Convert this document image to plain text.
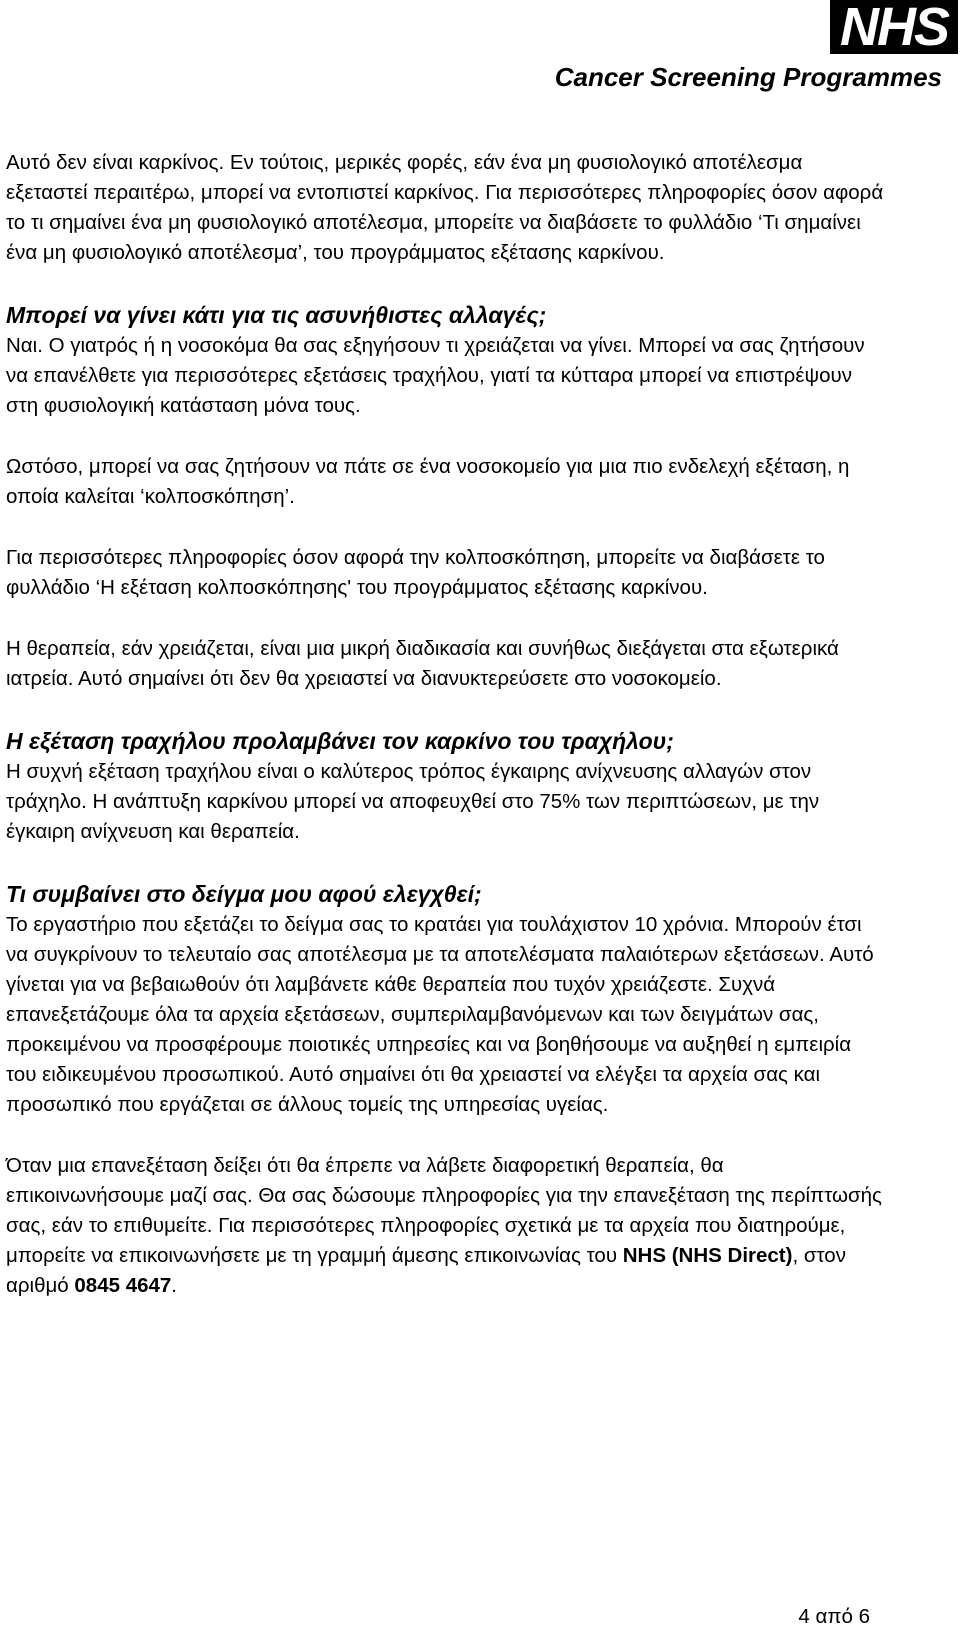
NHS
Cancer Screening Programmes

Αυτό δεν είναι καρκίνος. Εν τούτοις, μερικές φορές, εάν ένα μη φυσιολογικό αποτέλεσμα εξεταστεί περαιτέρω, μπορεί να εντοπιστεί καρκίνος. Για περισσότερες πληροφορίες όσον αφορά το τι σημαίνει ένα μη φυσιολογικό αποτέλεσμα, μπορείτε να διαβάσετε το φυλλάδιο ‘Τι σημαίνει ένα μη φυσιολογικό αποτέλεσμα’, του προγράμματος εξέτασης καρκίνου.

Μπορεί να γίνει κάτι για τις ασυνήθιστες αλλαγές;

Ναι. Ο γιατρός ή η νοσοκόμα θα σας εξηγήσουν τι χρειάζεται να γίνει. Μπορεί να σας ζητήσουν να επανέλθετε για περισσότερες εξετάσεις τραχήλου, γιατί τα κύτταρα μπορεί να επιστρέψουν στη φυσιολογική κατάσταση μόνα τους.

Ωστόσο, μπορεί να σας ζητήσουν να πάτε σε ένα νοσοκομείο για μια πιο ενδελεχή εξέταση, η οποία καλείται ‘κολποσκόπηση’.

Για περισσότερες πληροφορίες όσον αφορά την κολποσκόπηση, μπορείτε να διαβάσετε το φυλλάδιο ‘Η εξέταση κολποσκόπησης' του προγράμματος εξέτασης καρκίνου.

Η θεραπεία, εάν χρειάζεται, είναι μια μικρή διαδικασία και συνήθως διεξάγεται στα εξωτερικά ιατρεία. Αυτό σημαίνει ότι δεν θα χρειαστεί να διανυκτερεύσετε στο νοσοκομείο.

Η εξέταση τραχήλου προλαμβάνει τον καρκίνο του τραχήλου;

Η συχνή εξέταση τραχήλου είναι ο καλύτερος τρόπος έγκαιρης ανίχνευσης αλλαγών στον τράχηλο. Η ανάπτυξη καρκίνου μπορεί να αποφευχθεί στο 75% των περιπτώσεων, με την έγκαιρη ανίχνευση και θεραπεία.

Τι συμβαίνει στο δείγμα μου αφού ελεγχθεί;

Το εργαστήριο που εξετάζει το δείγμα σας το κρατάει για τουλάχιστον 10 χρόνια. Μπορούν έτσι να συγκρίνουν το τελευταίο σας αποτέλεσμα με τα αποτελέσματα παλαιότερων εξετάσεων. Αυτό γίνεται για να βεβαιωθούν ότι λαμβάνετε κάθε θεραπεία που τυχόν χρειάζεστε. Συχνά επανεξετάζουμε όλα τα αρχεία εξετάσεων, συμπεριλαμβανόμενων και των δειγμάτων σας, προκειμένου να προσφέρουμε ποιοτικές υπηρεσίες και να βοηθήσουμε να αυξηθεί η εμπειρία του ειδικευμένου προσωπικού. Αυτό σημαίνει ότι θα χρειαστεί να ελέγξει τα αρχεία σας και προσωπικό που εργάζεται σε άλλους τομείς της υπηρεσίας υγείας.

Όταν μια επανεξέταση δείξει ότι θα έπρεπε να λάβετε διαφορετική θεραπεία, θα επικοινωνήσουμε μαζί σας. Θα σας δώσουμε πληροφορίες για την επανεξέταση της περίπτωσής σας, εάν το επιθυμείτε. Για περισσότερες πληροφορίες σχετικά με τα αρχεία που διατηρούμε, μπορείτε να επικοινωνήσετε με τη γραμμή άμεσης επικοινωνίας του NHS (NHS Direct), στον αριθμό 0845 4647.

4 από 6
